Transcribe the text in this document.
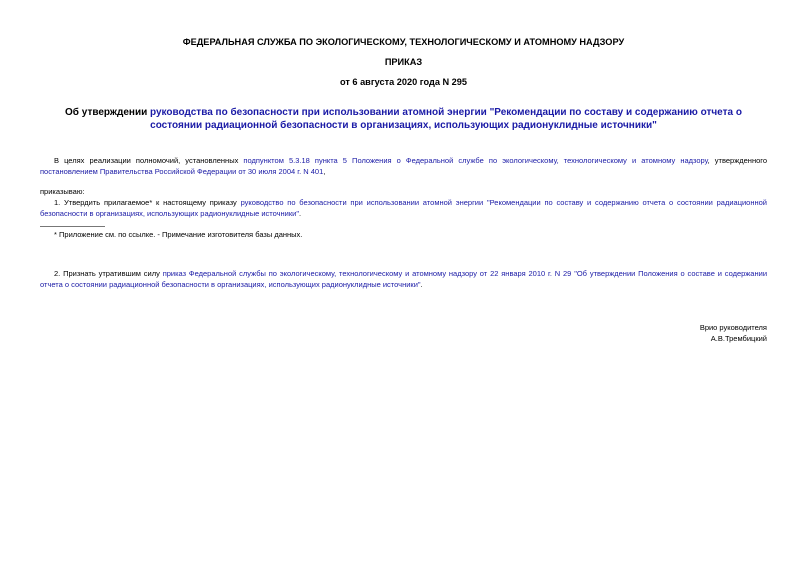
ФЕДЕРАЛЬНАЯ СЛУЖБА ПО ЭКОЛОГИЧЕСКОМУ, ТЕХНОЛОГИЧЕСКОМУ И АТОМНОМУ НАДЗОРУ
ПРИКАЗ
от 6 августа 2020 года N 295
Об утверждении руководства по безопасности при использовании атомной энергии "Рекомендации по составу и содержанию отчета о состоянии радиационной безопасности в организациях, использующих радионуклидные источники"
В целях реализации полномочий, установленных подпунктом 5.3.18 пункта 5 Положения о Федеральной службе по экологическому, технологическому и атомному надзору, утвержденного постановлением Правительства Российской Федерации от 30 июля 2004 г. N 401,
приказываю:
1. Утвердить прилагаемое* к настоящему приказу руководство по безопасности при использовании атомной энергии "Рекомендации по составу и содержанию отчета о состоянии радиационной безопасности в организациях, использующих радионуклидные источники".
* Приложение см. по ссылке. - Примечание изготовителя базы данных.
2. Признать утратившим силу приказ Федеральной службы по экологическому, технологическому и атомному надзору от 22 января 2010 г. N 29 "Об утверждении Положения о составе и содержании отчета о состоянии радиационной безопасности в организациях, использующих радионуклидные источники".
Врио руководителя
А.В.Трембицкий
